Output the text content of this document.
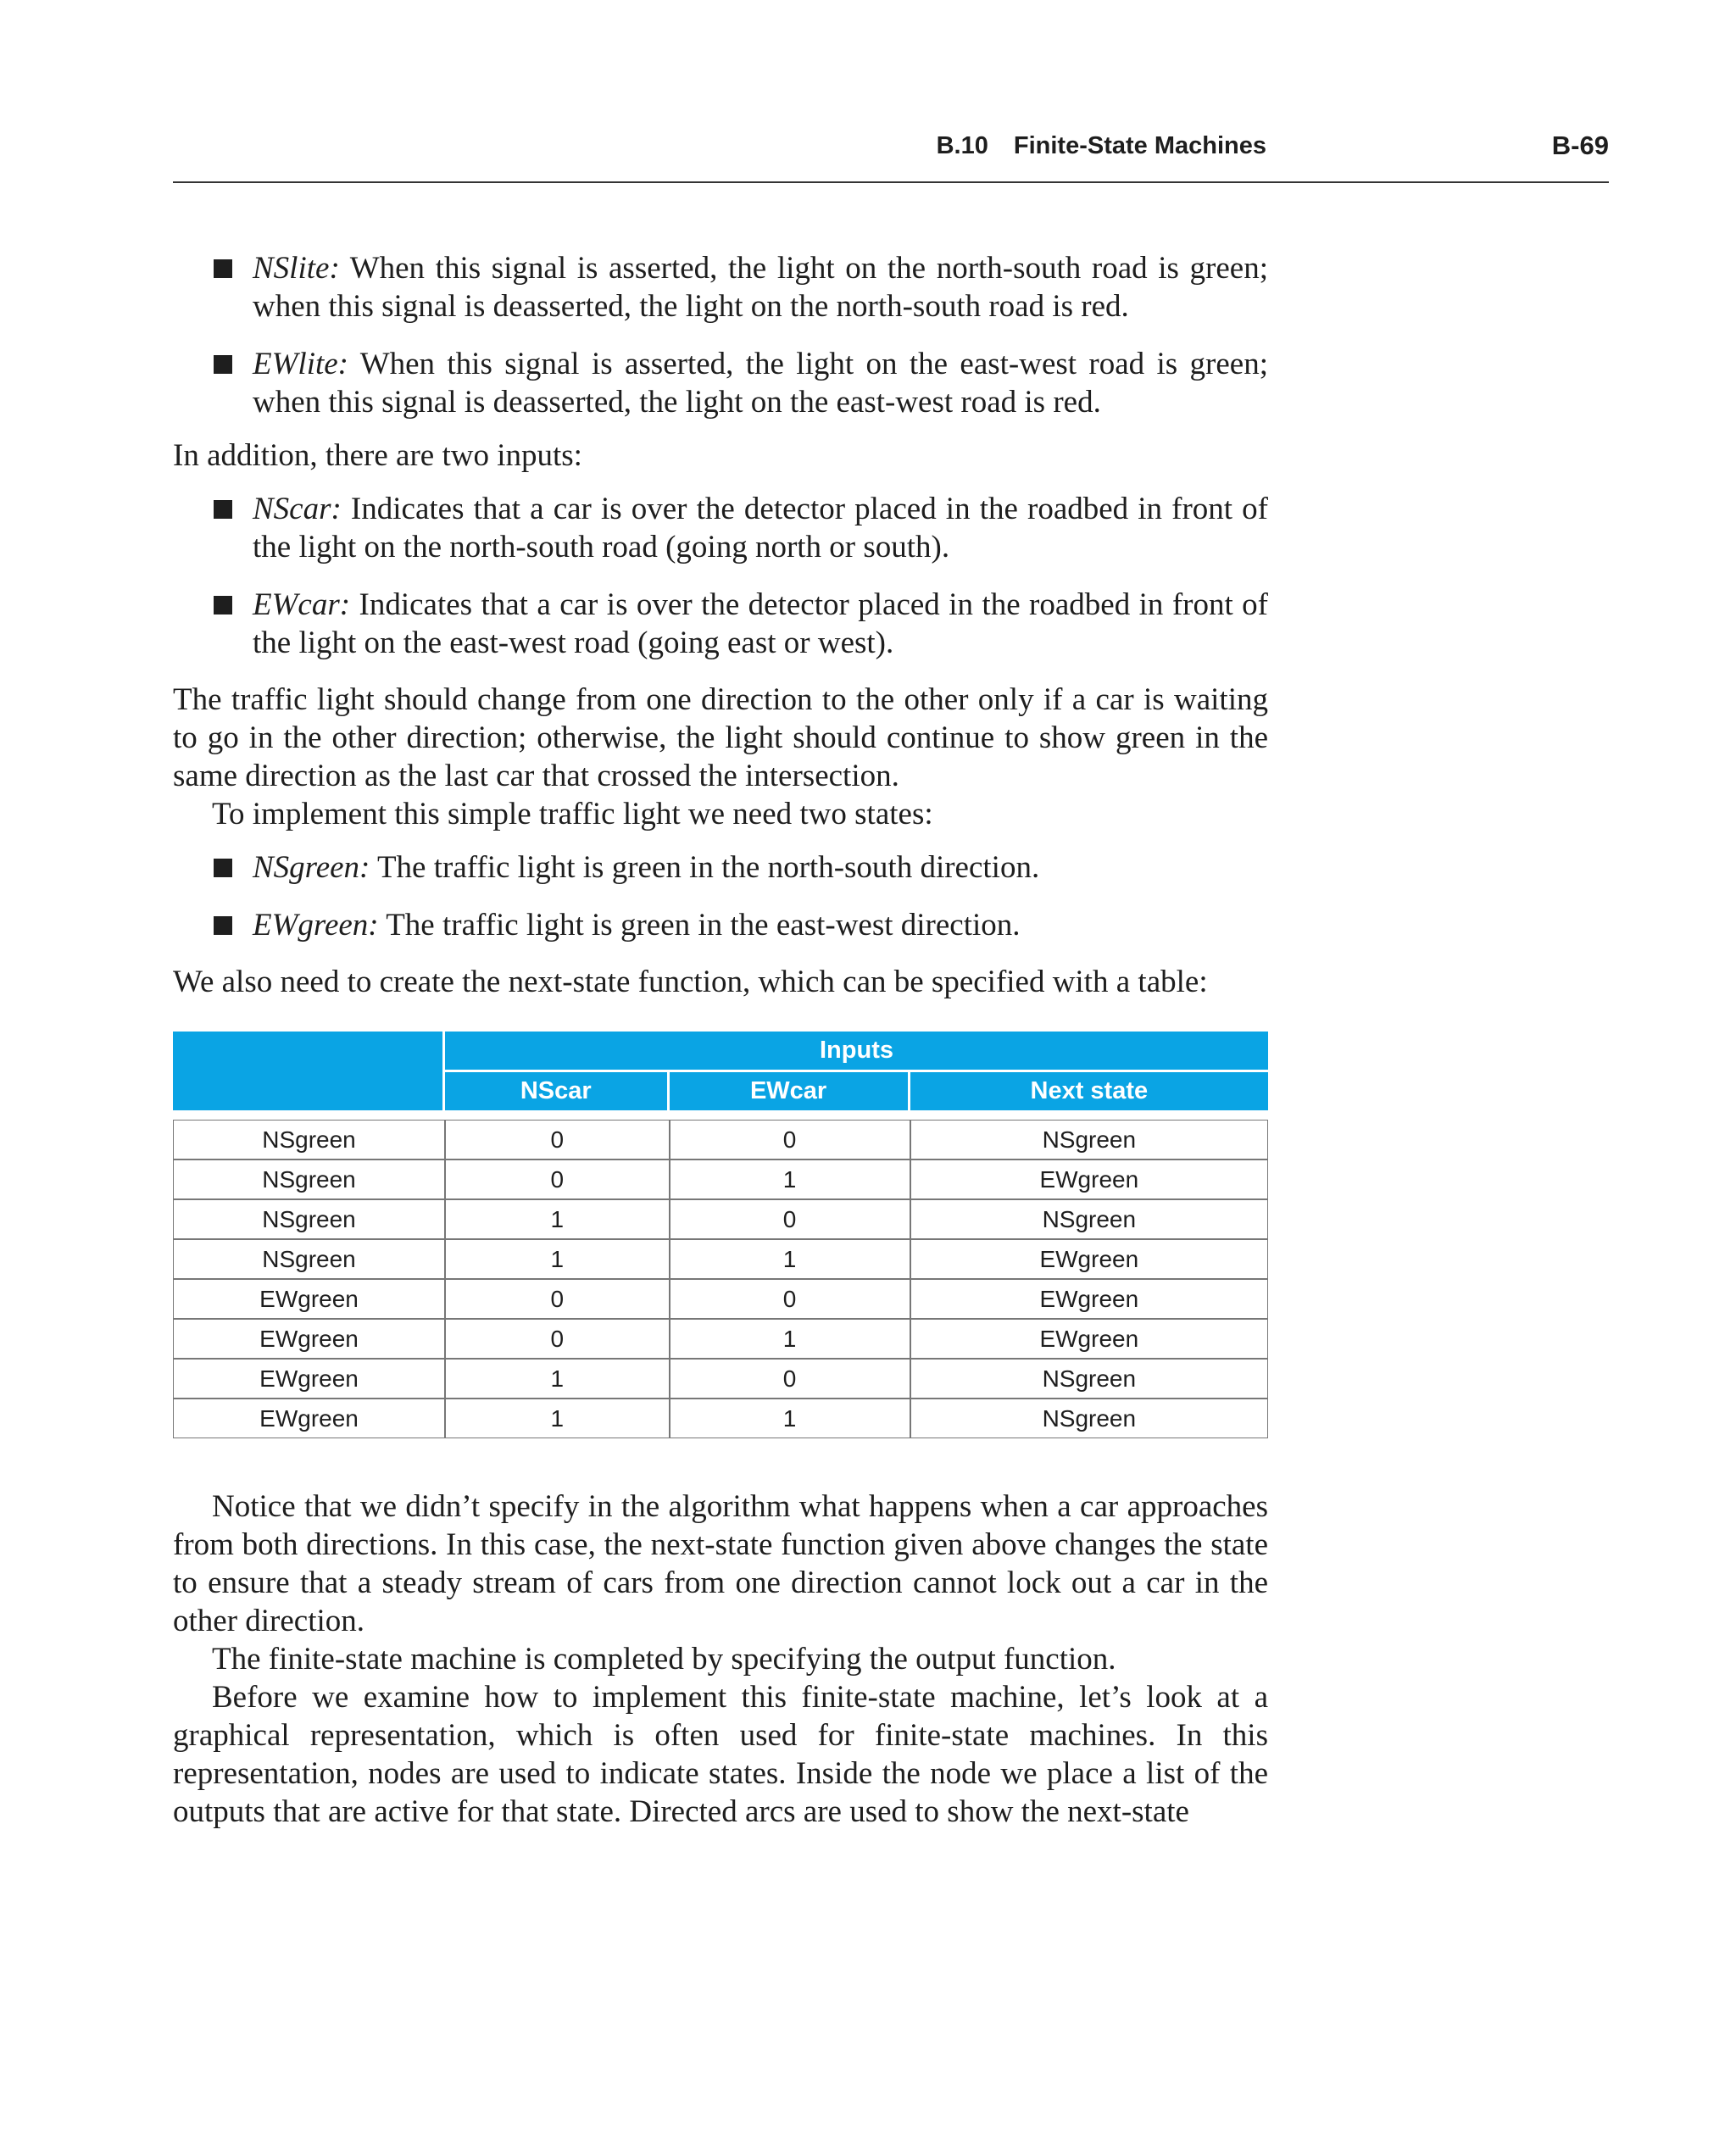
B.10 Finite-State Machines	B-69
NSlite: When this signal is asserted, the light on the north-south road is green; when this signal is deasserted, the light on the north-south road is red.
EWlite: When this signal is asserted, the light on the east-west road is green; when this signal is deasserted, the light on the east-west road is red.

In addition, there are two inputs:

NScar: Indicates that a car is over the detector placed in the roadbed in front of the light on the north-south road (going north or south).
EWcar: Indicates that a car is over the detector placed in the roadbed in front of the light on the east-west road (going east or west).

The traffic light should change from one direction to the other only if a car is waiting to go in the other direction; otherwise, the light should continue to show green in the same direction as the last car that crossed the intersection.

To implement this simple traffic light we need two states:

NSgreen: The traffic light is green in the north-south direction.
EWgreen: The traffic light is green in the east-west direction.

We also need to create the next-state function, which can be specified with a table:

	Inputs		
	NScar	EWcar	Next state

NSgreen	0	0	NSgreen
NSgreen	0	1	EWgreen
NSgreen	1	0	NSgreen
NSgreen	1	1	EWgreen
EWgreen	0	0	EWgreen
EWgreen	0	1	EWgreen
EWgreen	1	0	NSgreen
EWgreen	1	1	NSgreen

Notice that we didn’t specify in the algorithm what happens when a car approaches from both directions. In this case, the next-state function given above changes the state to ensure that a steady stream of cars from one direction cannot lock out a car in the other direction.

The finite-state machine is completed by specifying the output function.

Before we examine how to implement this finite-state machine, let’s look at a graphical representation, which is often used for finite-state machines. In this representation, nodes are used to indicate states. Inside the node we place a list of the outputs that are active for that state. Directed arcs are used to show the next-state
